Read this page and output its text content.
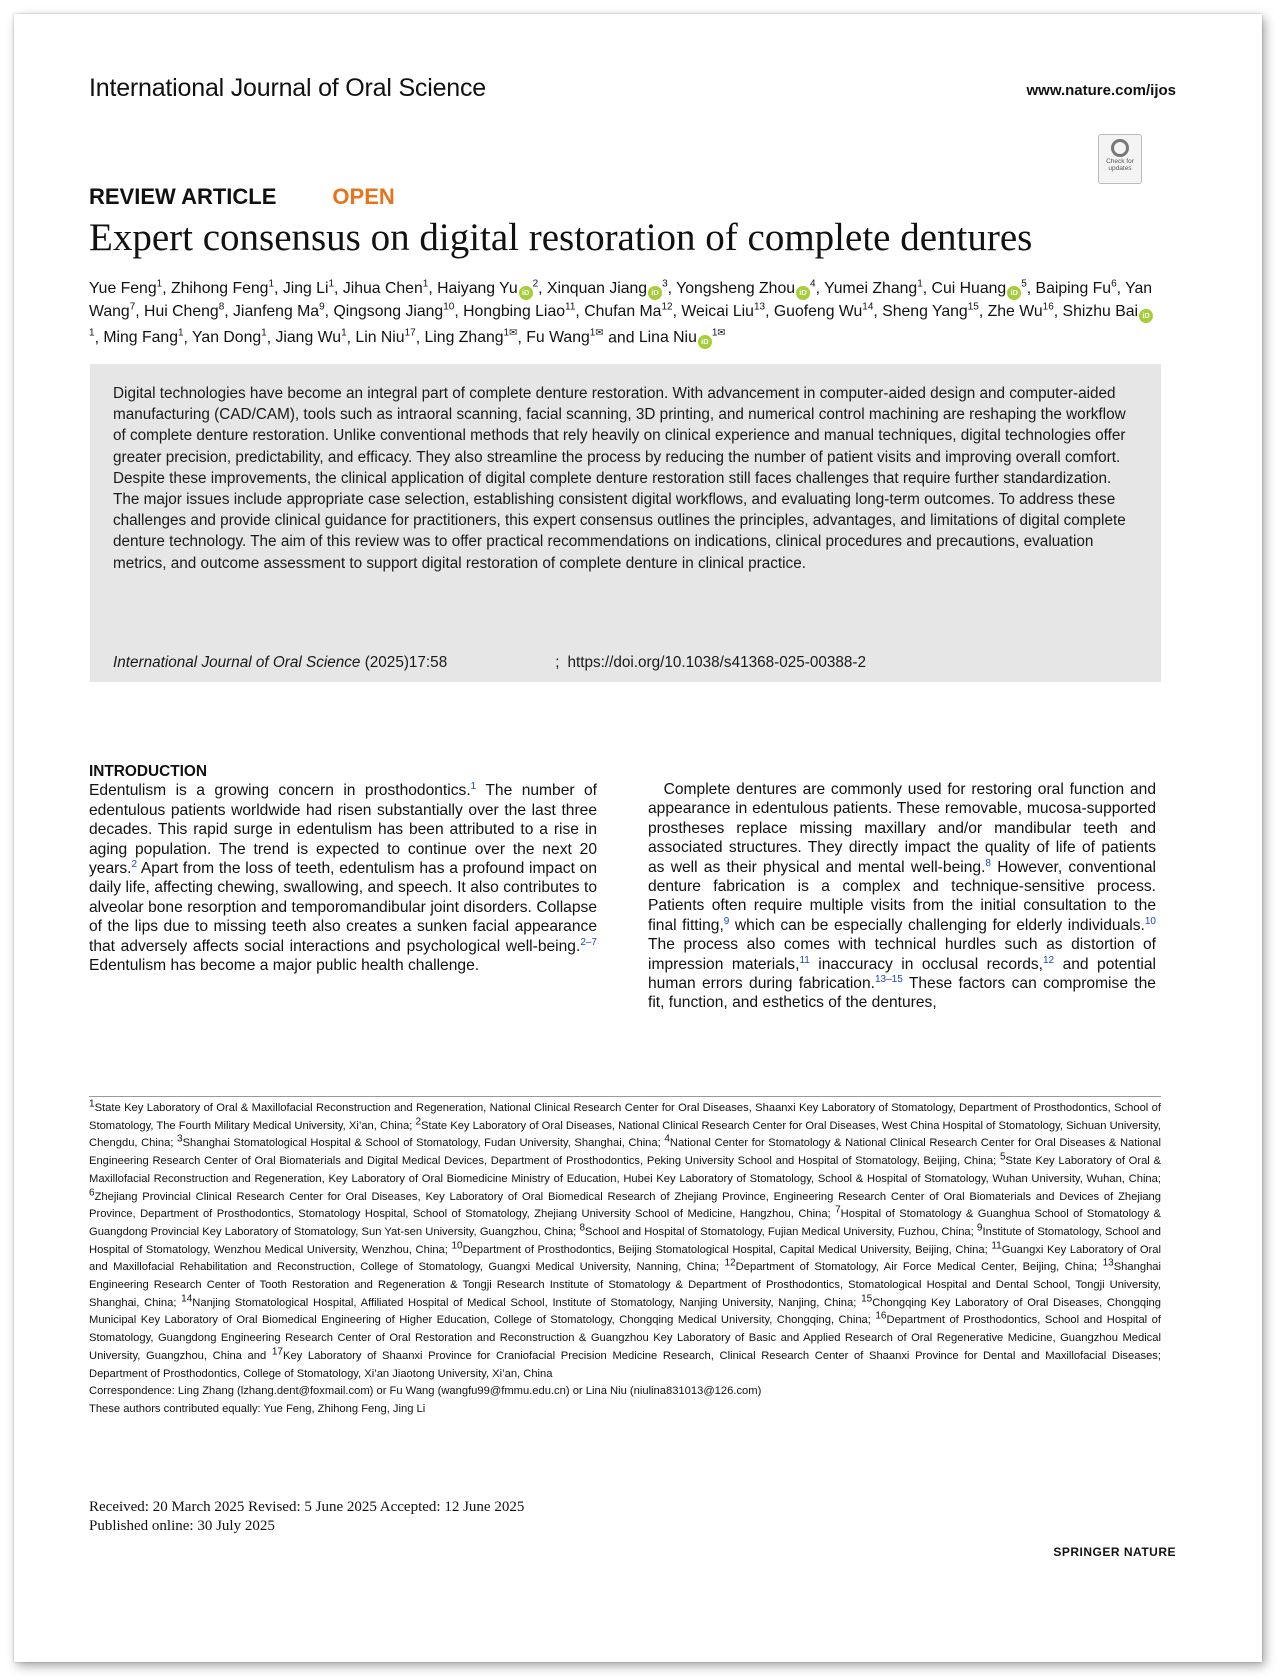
International Journal of Oral Science	www.nature.com/ijos
Check for updates
REVIEW ARTICLE	OPEN
Expert consensus on digital restoration of complete dentures
Yue Feng$^1$, Zhihong Feng$^1$, Jing Li$^1$, Jihua Chen$^1$, Haiyang Yu $iD^2$, Xinquan Jiang $iD^3$, Yongsheng Zhou $iD^4$, Yumei Zhang$^1$, Cui Huang $iD^5$, Baiping Fu$^6$, Yan Wang$^7$, Hui Cheng$^8$, Jianfeng Ma$^9$, Qingsong Jiang$^{10}$, Hongbing Liao$^{11}$, Chufan Ma$^{12}$, Weicai Liu$^{13}$, Guofeng Wu$^{14}$, Sheng Yang$^{15}$, Zhe Wu$^{16}$, Shizhu Bai $iD^1$, Ming Fang$^1$, Yan Dong$^1$, Jiang Wu$^1$, Lin Niu$^{17}$, Ling Zhang$^{1✉}$, Fu Wang$^{1✉}$ and Lina Niu $iD^{1✉}$
Digital technologies have become an integral part of complete denture restoration. With advancement in computer-aided design and computer-aided manufacturing (CAD/CAM), tools such as intraoral scanning, facial scanning, 3D printing, and numerical control machining are reshaping the workflow of complete denture restoration. Unlike conventional methods that rely heavily on clinical experience and manual techniques, digital technologies offer greater precision, predictability, and efficacy. They also streamline the process by reducing the number of patient visits and improving overall comfort. Despite these improvements, the clinical application of digital complete denture restoration still faces challenges that require further standardization. The major issues include appropriate case selection, establishing consistent digital workflows, and evaluating long-term outcomes. To address these challenges and provide clinical guidance for practitioners, this expert consensus outlines the principles, advantages, and limitations of digital complete denture technology. The aim of this review was to offer practical recommendations on indications, clinical procedures and precautions, evaluation metrics, and outcome assessment to support digital restoration of complete denture in clinical practice.
International Journal of Oral Science (2025)17:58	; https://doi.org/10.1038/s41368-025-00388-2
INTRODUCTION
Edentulism is a growing concern in prosthodontics.$^1$ The number of edentulous patients worldwide had risen substantially over the last three decades. This rapid surge in edentulism has been attributed to a rise in aging population. The trend is expected to continue over the next 20 years.$^2$ Apart from the loss of teeth, edentulism has a profound impact on daily life, affecting chewing, swallowing, and speech. It also contributes to alveolar bone resorption and temporomandibular joint disorders. Collapse of the lips due to missing teeth also creates a sunken facial appearance that adversely affects social interactions and psychological well-being.$^{2-7}$ Edentulism has become a major public health challenge.
 Complete dentures are commonly used for restoring oral function and appearance in edentulous patients. These removable, mucosa-supported prostheses replace missing maxillary and/or mandibular teeth and associated structures. They directly impact the quality of life of patients as well as their physical and mental well-being.$^8$ However, conventional denture fabrication is a complex and technique-sensitive process. Patients often require multiple visits from the initial consultation to the final fitting,$^9$ which can be especially challenging for elderly individuals.$^{10}$ The process also comes with technical hurdles such as distortion of impression materials,$^{11}$ inaccuracy in occlusal records,$^{12}$ and potential human errors during fabrication.$^{13-15}$ These factors can compromise the fit, function, and esthetics of the dentures,
$^1$State Key Laboratory of Oral & Maxillofacial Reconstruction and Regeneration, National Clinical Research Center for Oral Diseases, Shaanxi Key Laboratory of Stomatology, Department of Prosthodontics, School of Stomatology, The Fourth Military Medical University, Xi’an, China; $^2$State Key Laboratory of Oral Diseases, National Clinical Research Center for Oral Diseases, West China Hospital of Stomatology, Sichuan University, Chengdu, China; $^3$Shanghai Stomatological Hospital & School of Stomatology, Fudan University, Shanghai, China; $^4$National Center for Stomatology & National Clinical Research Center for Oral Diseases & National Engineering Research Center of Oral Biomaterials and Digital Medical Devices, Department of Prosthodontics, Peking University School and Hospital of Stomatology, Beijing, China; $^5$State Key Laboratory of Oral & Maxillofacial Reconstruction and Regeneration, Key Laboratory of Oral Biomedicine Ministry of Education, Hubei Key Laboratory of Stomatology, School & Hospital of Stomatology, Wuhan University, Wuhan, China; $^6$Zhejiang Provincial Clinical Research Center for Oral Diseases, Key Laboratory of Oral Biomedical Research of Zhejiang Province, Engineering Research Center of Oral Biomaterials and Devices of Zhejiang Province, Department of Prosthodontics, Stomatology Hospital, School of Stomatology, Zhejiang University School of Medicine, Hangzhou, China; $^7$Hospital of Stomatology & Guanghua School of Stomatology & Guangdong Provincial Key Laboratory of Stomatology, Sun Yat-sen University, Guangzhou, China; $^8$School and Hospital of Stomatology, Fujian Medical University, Fuzhou, China; $^9$Institute of Stomatology, School and Hospital of Stomatology, Wenzhou Medical University, Wenzhou, China; $^{10}$Department of Prosthodontics, Beijing Stomatological Hospital, Capital Medical University, Beijing, China; $^{11}$Guangxi Key Laboratory of Oral and Maxillofacial Rehabilitation and Reconstruction, College of Stomatology, Guangxi Medical University, Nanning, China; $^{12}$Department of Stomatology, Air Force Medical Center, Beijing, China; $^{13}$Shanghai Engineering Research Center of Tooth Restoration and Regeneration & Tongji Research Institute of Stomatology & Department of Prosthodontics, Stomatological Hospital and Dental School, Tongji University, Shanghai, China; $^{14}$Nanjing Stomatological Hospital, Affiliated Hospital of Medical School, Institute of Stomatology, Nanjing University, Nanjing, China; $^{15}$Chongqing Key Laboratory of Oral Diseases, Chongqing Municipal Key Laboratory of Oral Biomedical Engineering of Higher Education, College of Stomatology, Chongqing Medical University, Chongqing, China; $^{16}$Department of Prosthodontics, School and Hospital of Stomatology, Guangdong Engineering Research Center of Oral Restoration and Reconstruction & Guangzhou Key Laboratory of Basic and Applied Research of Oral Regenerative Medicine, Guangzhou Medical University, Guangzhou, China and $^{17}$Key Laboratory of Shaanxi Province for Craniofacial Precision Medicine Research, Clinical Research Center of Shaanxi Province for Dental and Maxillofacial Diseases; Department of Prosthodontics, College of Stomatology, Xi’an Jiaotong University, Xi’an, China
Correspondence: Ling Zhang (lzhang.dent@foxmail.com) or Fu Wang (wangfu99@fmmu.edu.cn) or Lina Niu (niulina831013@126.com)
These authors contributed equally: Yue Feng, Zhihong Feng, Jing Li
Received: 20 March 2025 Revised: 5 June 2025 Accepted: 12 June 2025
Published online: 30 July 2025
SPRINGER NATURE
